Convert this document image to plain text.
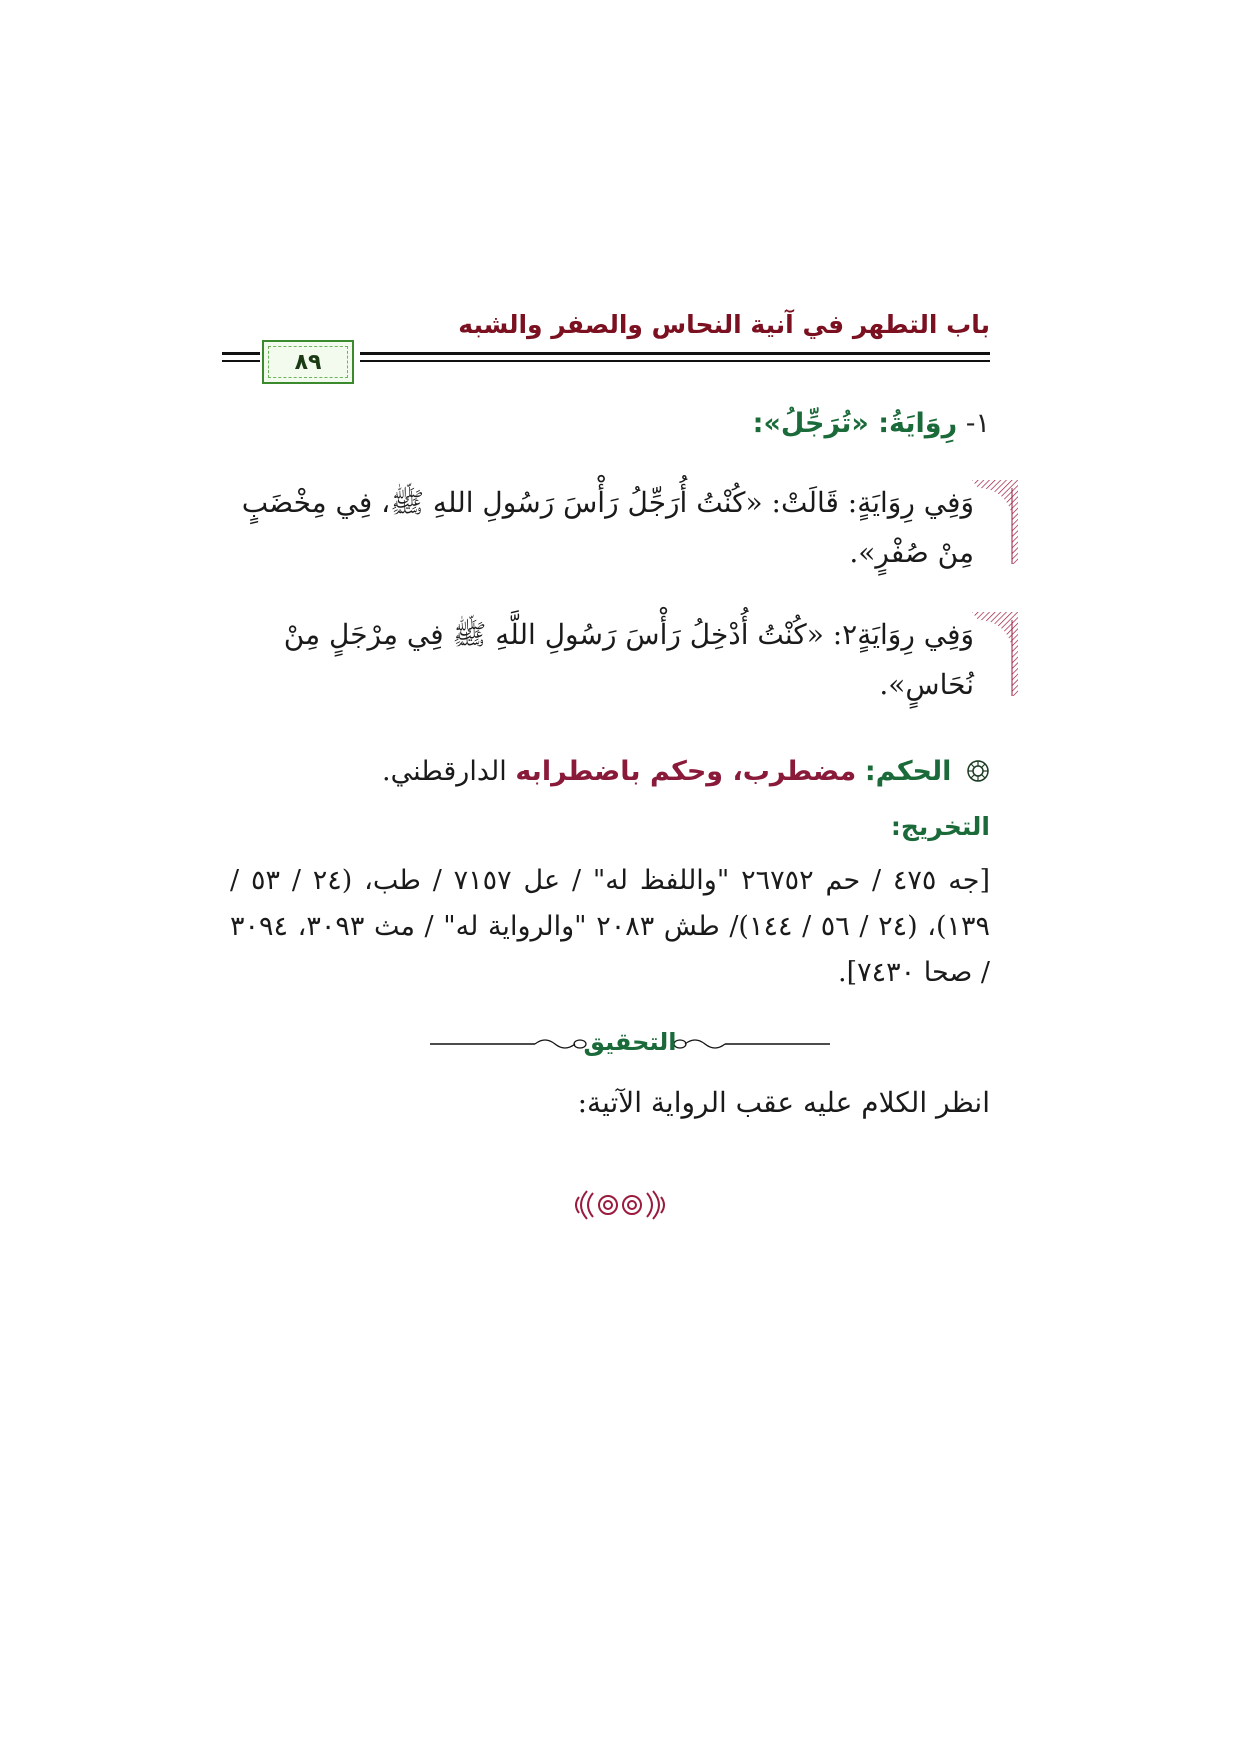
باب التطهر في آنية النحاس والصفر والشبه
٨٩
١- رِوَايَةُ: «تُرَجِّلُ»:
وَفِي رِوَايَةٍ: قَالَتْ: «كُنْتُ أُرَجِّلُ رَأْسَ رَسُولِ اللهِ ﷺ، فِي مِخْضَبٍ مِنْ صُفْرٍ».
وَفِي رِوَايَةٍ٢: «كُنْتُ أُدْخِلُ رَأْسَ رَسُولِ اللَّهِ ﷺ فِي مِرْجَلٍ مِنْ نُحَاسٍ».
الحكم: مضطرب، وحكم باضطرابه الدارقطني.
التخريج:
[جه ٤٧٥ / حم ٢٦٧٥٢ "واللفظ له" / عل ٧١٥٧ / طب، (٢٤ / ٥٣ / ١٣٩)، (٢٤ / ٥٦ / ١٤٤)/ طش ٢٠٨٣ "والرواية له" / مث ٣٠٩٣، ٣٠٩٤ / صحا ٧٤٣٠].
التحقيق
انظر الكلام عليه عقب الرواية الآتية:
